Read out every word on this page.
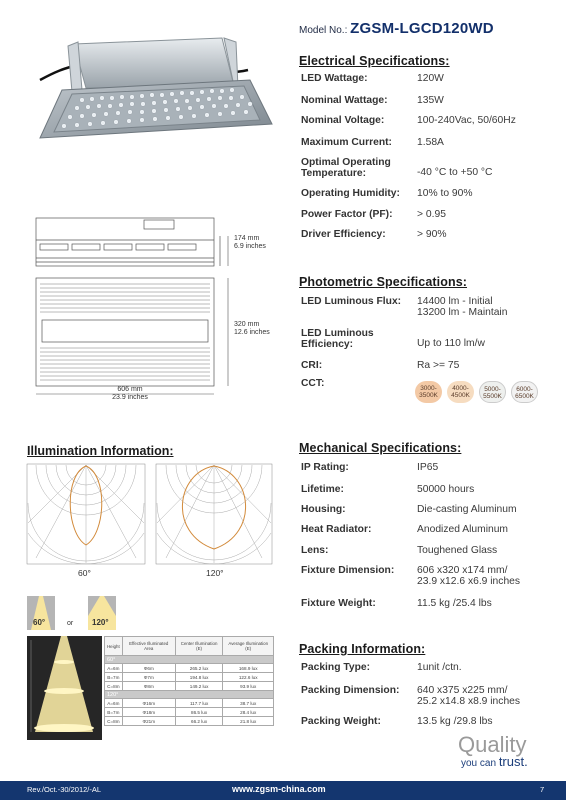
Model No.: ZGSM-LGCD120WD
174 mm
6.9 inches
320 mm
12.6 inches
606 mm
23.9 inches
Illumination Information:
60°	120°
60°	or 120°
Height	Effective Illuminated Area	Center Illumination (E)	Average Illumination (E)
60°			
A=6m	Φ6m	265.2 lux	168.9 lux
B=7m	Φ7m	194.8 lux	122.6 lux
C=8m	Φ8m	149.2 lux	93.9 lux
120°			
A=6m	Φ16m	117.7 lux	38.7 lux
B=7m	Φ18m	86.5 lux	28.4 lux
C=8m	Φ21m	66.2 lux	21.8 lux
Electrical Specifications:
Photometric Specifications:
Mechanical Specifications:
Packing Information:
LED Wattage:	120W
Nominal Wattage:	135W
Nominal Voltage:	100-240Vac, 50/60Hz
Maximum Current:	1.58A
Optimal Operating Temperature:	-40 °C to +50 °C
Operating Humidity:	10% to 90%
Power Factor (PF):	> 0.95
Driver Efficiency:	> 90%
LED Luminous Flux:	14400 lm - Initial
13200 lm - Maintain
LED Luminous Efficiency:	Up to 110 lm/w
CRI:	Ra >= 75
CCT:	3000-
3500K
4000-
4500K
5000-
5500K
6000-
6500K
IP Rating:	IP65
Lifetime:	50000 hours
Housing:	Die-casting Aluminum
Heat Radiator:	Anodized Aluminum
Lens:	Toughened Glass
Fixture Dimension:	606 x320 x174 mm/
23.9 x12.6 x6.9 inches
Fixture Weight:	11.5 kg /25.4 lbs
Packing Type:	1unit /ctn.
Packing Dimension:	640 x375 x225 mm/
25.2 x14.8 x8.9 inches
Packing Weight:	13.5 kg /29.8 lbs
Quality
you can trust.
Rev./Oct.-30/2012/-AL	www.zgsm-china.com	7
